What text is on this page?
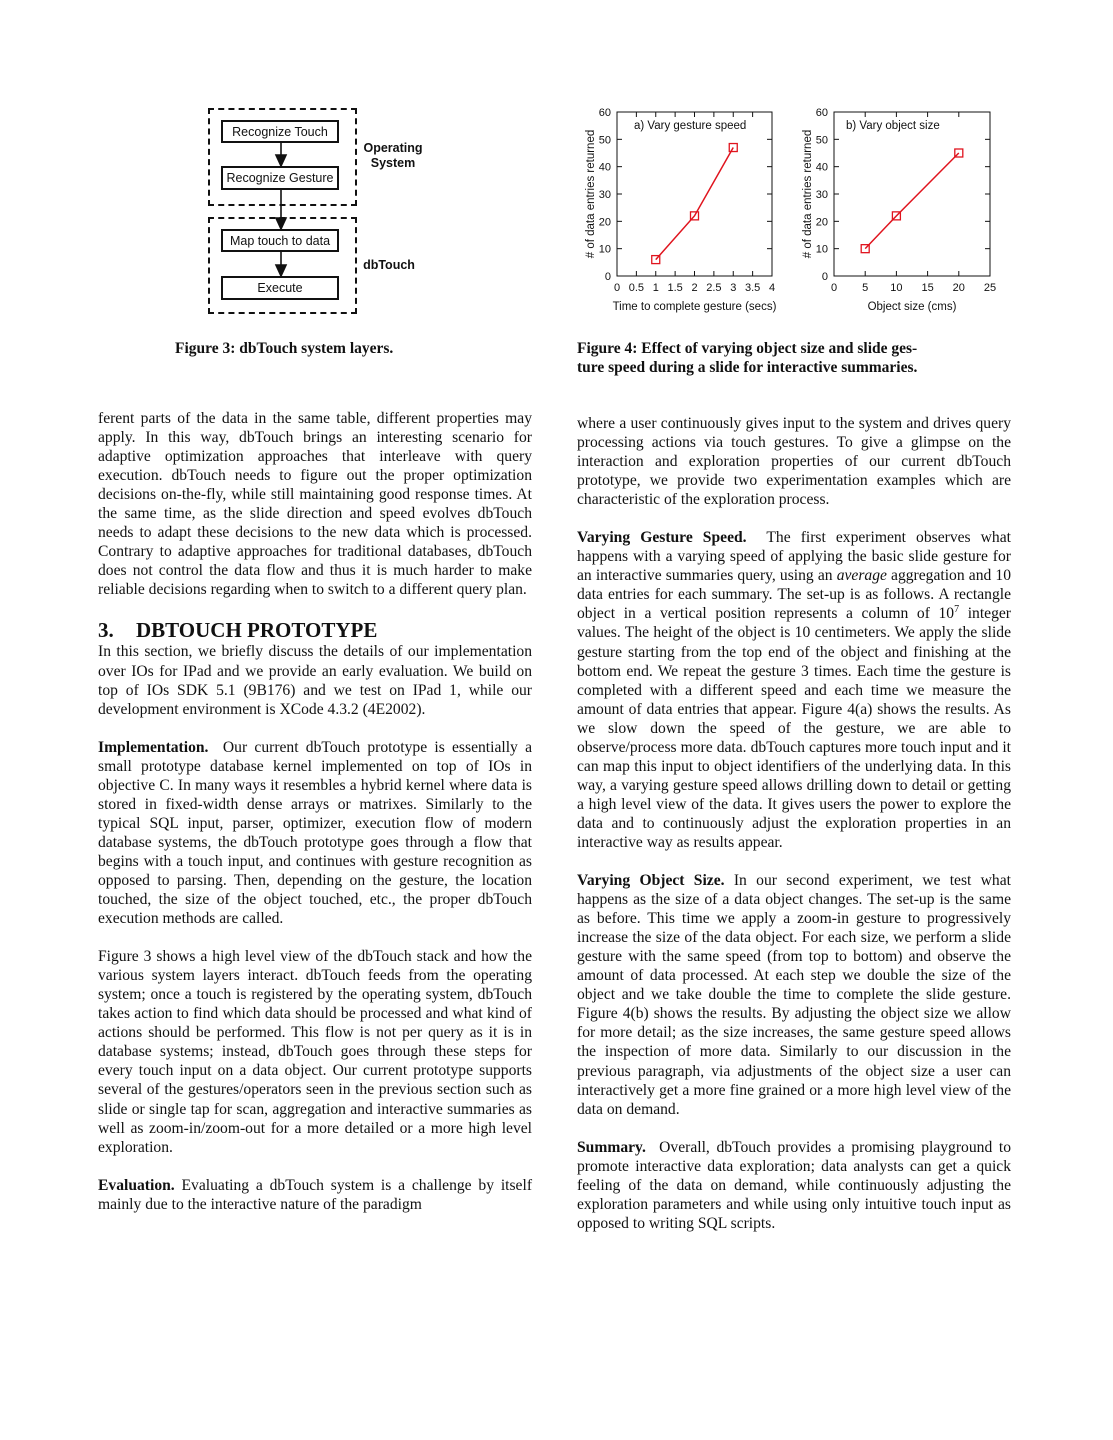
Recognize Touch
Recognize Gesture
Map touch to data
Execute
Operating
System
dbTouch
Figure 3: dbTouch system layers.
0
10
20
30
40
50
60
0 0.5 1 1.5 2 2.5 3 3.5 4
Time to complete gesture (secs)
# of data entries returned
a) Vary gesture speed
0
10
20
30
40
50
60
0 5 10 15 20 25
Object size (cms)
# of data entries returned
b) Vary object size
Figure 4: Effect of varying object size and slide ges-
ture speed during a slide for interactive summaries.

ferent parts of the data in the same table, different properties may apply. In this way, dbTouch brings an interesting scenario for adaptive optimization approaches that interleave with query execution. dbTouch needs to figure out the proper optimization decisions on-the-fly, while still maintaining good response times. At the same time, as the slide direction and speed evolves dbTouch needs to adapt these decisions to the new data which is processed. Contrary to adaptive approaches for traditional databases, dbTouch does not control the data flow and thus it is much harder to make reliable decisions regarding when to switch to a different query plan.

3. DBTOUCH PROTOTYPE

In this section, we briefly discuss the details of our implementation over IOs for IPad and we provide an early evaluation. We build on top of IOs SDK 5.1 (9B176) and we test on IPad 1, while our development environment is XCode 4.3.2 (4E2002).

Implementation. Our current dbTouch prototype is essentially a small prototype database kernel implemented on top of IOs in objective C. In many ways it resembles a hybrid kernel where data is stored in fixed-width dense arrays or matrixes. Similarly to the typical SQL input, parser, optimizer, execution flow of modern database systems, the dbTouch prototype goes through a flow that begins with a touch input, and continues with gesture recognition as opposed to parsing. Then, depending on the gesture, the location touched, the size of the object touched, etc., the proper dbTouch execution methods are called.

Figure 3 shows a high level view of the dbTouch stack and how the various system layers interact. dbTouch feeds from the operating system; once a touch is registered by the operating system, dbTouch takes action to find which data should be processed and what kind of actions should be performed. This flow is not per query as it is in database systems; instead, dbTouch goes through these steps for every touch input on a data object. Our current prototype supports several of the gestures/operators seen in the previous section such as slide or single tap for scan, aggregation and interactive summaries as well as zoom-in/zoom-out for a more detailed or a more high level exploration.

Evaluation. Evaluating a dbTouch system is a challenge by itself mainly due to the interactive nature of the paradigm

where a user continuously gives input to the system and drives query processing actions via touch gestures. To give a glimpse on the interaction and exploration properties of our current dbTouch prototype, we provide two experimentation examples which are characteristic of the exploration process.

Varying Gesture Speed. The first experiment observes what happens with a varying speed of applying the basic slide gesture for an interactive summaries query, using an average aggregation and 10 data entries for each summary. The set-up is as follows. A rectangle object in a vertical position represents a column of $10^7$ integer values. The height of the object is 10 centimeters. We apply the slide gesture starting from the top end of the object and finishing at the bottom end. We repeat the gesture 3 times. Each time the gesture is completed with a different speed and each time we measure the amount of data entries that appear. Figure 4(a) shows the results. As we slow down the speed of the gesture, we are able to observe/process more data. dbTouch captures more touch input and it can map this input to object identifiers of the underlying data. In this way, a varying gesture speed allows drilling down to detail or getting a high level view of the data. It gives users the power to explore the data and to continuously adjust the exploration properties in an interactive way as results appear.

Varying Object Size. In our second experiment, we test what happens as the size of a data object changes. The set-up is the same as before. This time we apply a zoom-in gesture to progressively increase the size of the data object. For each size, we perform a slide gesture with the same speed (from top to bottom) and observe the amount of data processed. At each step we double the size of the object and we take double the time to complete the slide gesture. Figure 4(b) shows the results. By adjusting the object size we allow for more detail; as the size increases, the same gesture speed allows the inspection of more data. Similarly to our discussion in the previous paragraph, via adjustments of the object size a user can interactively get a more fine grained or a more high level view of the data on demand.

Summary. Overall, dbTouch provides a promising playground to promote interactive data exploration; data analysts can get a quick feeling of the data on demand, while continuously adjusting the exploration parameters and while using only intuitive touch input as opposed to writing SQL scripts.
